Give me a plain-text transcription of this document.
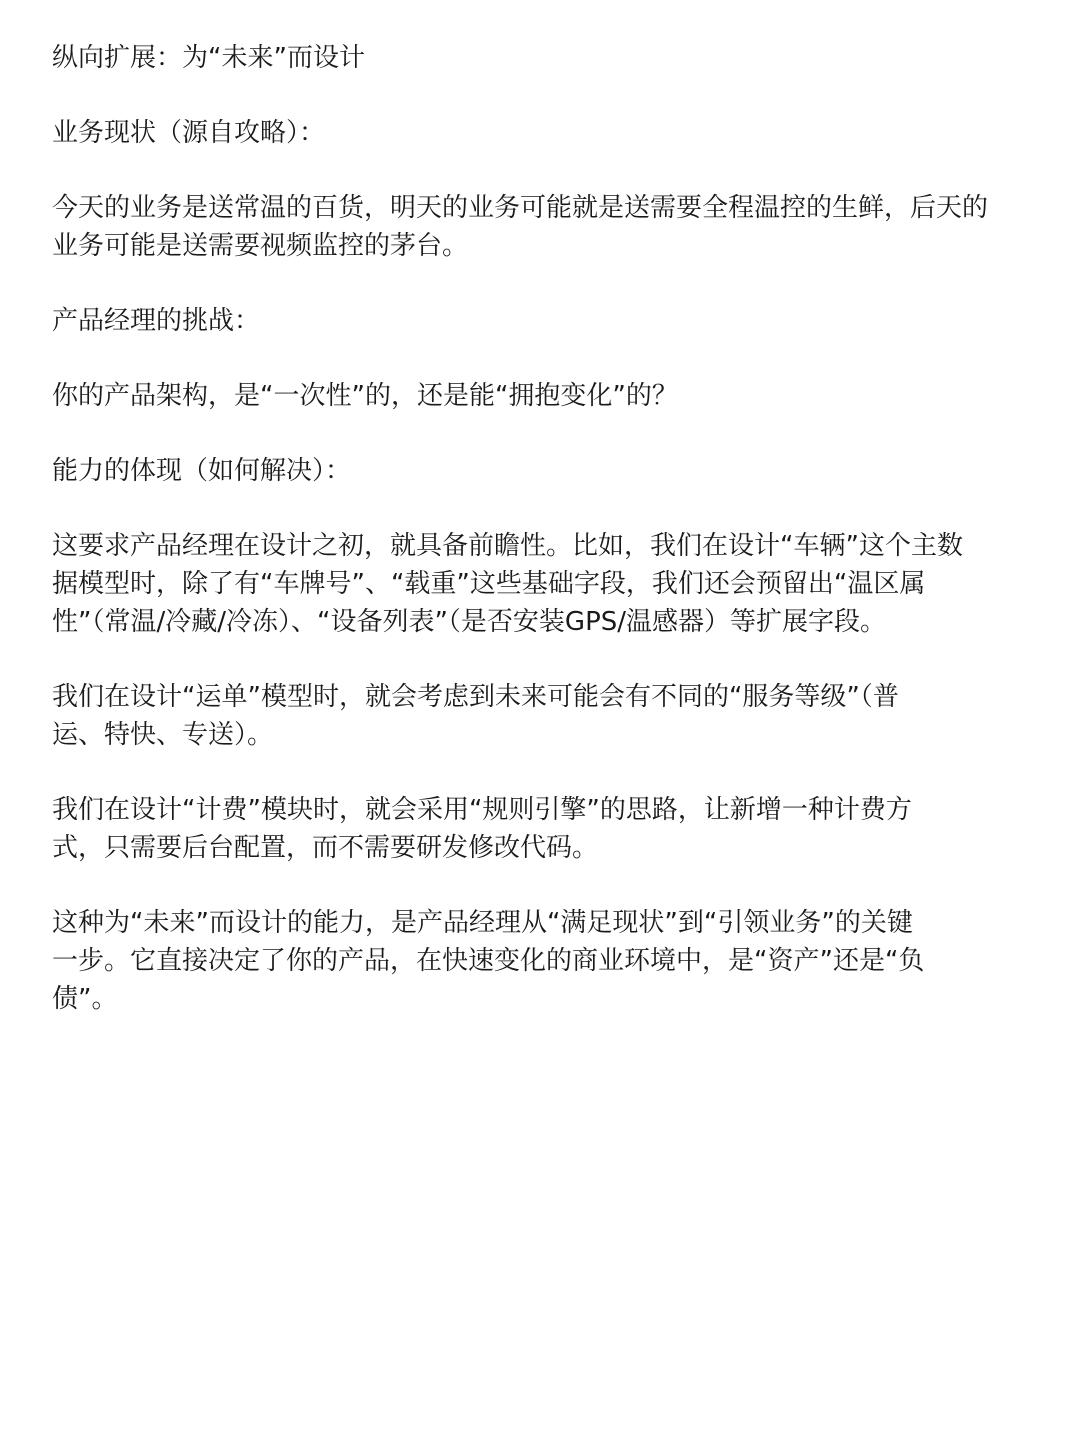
纵向扩展：为“未来”而设计

业务现状（源自攻略）：

今天的业务是送常温的百货，明天的业务可能就是送需要全程温控的生鲜，后天的
业务可能是送需要视频监控的茅台。

产品经理的挑战：

你的产品架构，是“一次性”的，还是能“拥抱变化”的？

能力的体现（如何解决）：

这要求产品经理在设计之初，就具备前瞻性。比如，我们在设计“车辆”这个主数
据模型时，除了有“车牌号”、“载重”这些基础字段，我们还会预留出“温区属
性”（常温/冷藏/冷冻）、“设备列表”（是否安装GPS/温感器）等扩展字段。

我们在设计“运单”模型时，就会考虑到未来可能会有不同的“服务等级”（普
运、特快、专送）。

我们在设计“计费”模块时，就会采用“规则引擎”的思路，让新增一种计费方
式，只需要后台配置，而不需要研发修改代码。

这种为“未来”而设计的能力，是产品经理从“满足现状”到“引领业务”的关键
一步。它直接决定了你的产品，在快速变化的商业环境中，是“资产”还是“负
债”。
